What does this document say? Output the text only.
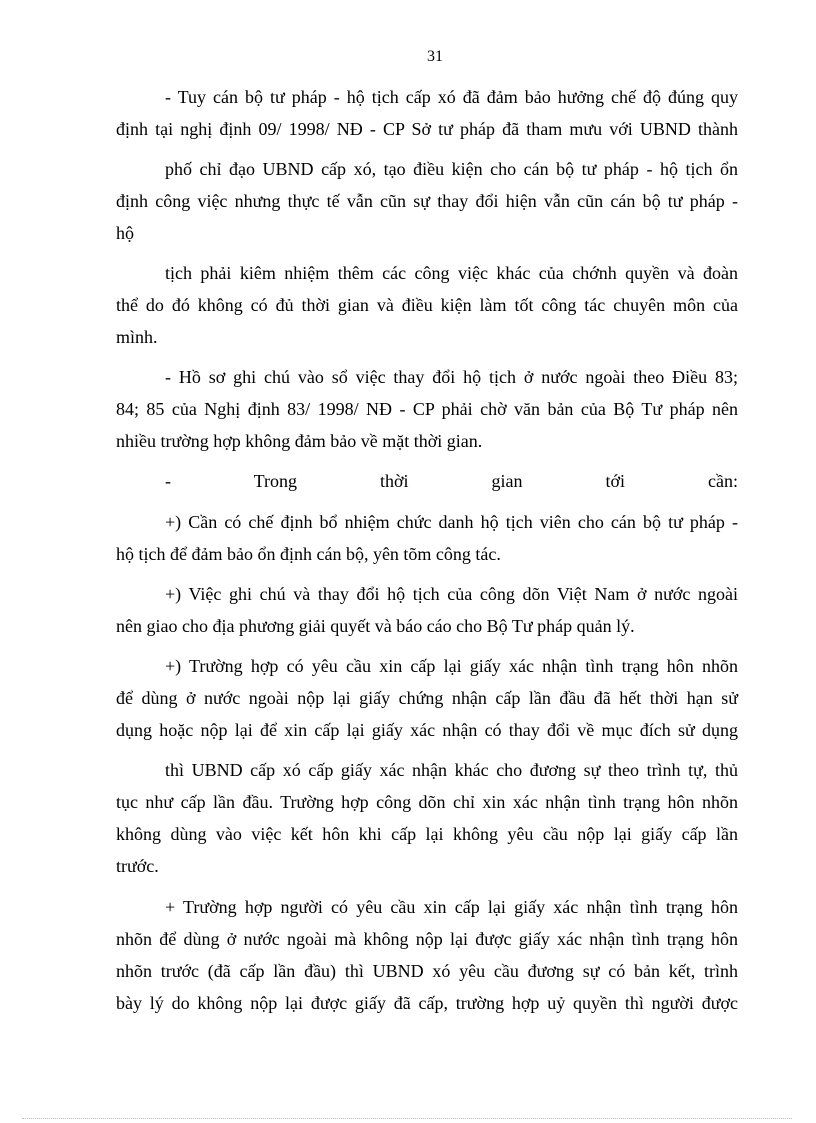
31
- Tuy cán bộ tư pháp - hộ tịch cấp xó đã đảm bảo hưởng chế độ đúng quy
định tại nghị định 09/ 1998/ NĐ - CP Sở tư pháp đã tham mưu với UBND thành
phố chỉ đạo UBND cấp xó, tạo điều kiện cho cán bộ tư pháp - hộ tịch ổn
định công việc nhưng thực tế vẫn cũn sự thay đổi hiện vẫn cũn cán bộ tư pháp -
hộ
tịch phải kiêm nhiệm thêm các công việc khác của chớnh quyền và đoàn
thể do đó không có đủ thời gian và điều kiện làm tốt công tác chuyên môn của
mình.
- Hồ sơ ghi chú vào sổ việc thay đổi hộ tịch ở nước ngoài theo Điều 83;
84; 85 của Nghị định 83/ 1998/ NĐ - CP phải chờ văn bản của Bộ Tư pháp nên
nhiều trường hợp không đảm bảo về mặt thời gian.
- Trong thời gian tới cần:
+) Cần có chế định bổ nhiệm chức danh hộ tịch viên cho cán bộ tư pháp -
hộ tịch để đảm bảo ổn định cán bộ, yên tõm công tác.
+) Việc ghi chú và thay đổi hộ tịch của công dõn Việt Nam ở nước ngoài
nên giao cho địa phương giải quyết và báo cáo cho Bộ Tư pháp quản lý.
+) Trường hợp có yêu cầu xin cấp lại giấy xác nhận tình trạng hôn nhõn
để dùng ở nước ngoài nộp lại giấy chứng nhận cấp lần đầu đã hết thời hạn sử
dụng hoặc nộp lại để xin cấp lại giấy xác nhận có thay đổi về mục đích sử dụng
thì UBND cấp xó cấp giấy xác nhận khác cho đương sự theo trình tự, thủ
tục như cấp lần đầu. Trường hợp công dõn chỉ xin xác nhận tình trạng hôn nhõn
không dùng vào việc kết hôn khi cấp lại không yêu cầu nộp lại giấy cấp lần
trước.
+ Trường hợp người có yêu cầu xin cấp lại giấy xác nhận tình trạng hôn
nhõn để dùng ở nước ngoài mà không nộp lại được giấy xác nhận tình trạng hôn
nhõn trước (đã cấp lần đầu) thì UBND xó yêu cầu đương sự có bản kết, trình
bày lý do không nộp lại được giấy đã cấp, trường hợp uỷ quyền thì người được
